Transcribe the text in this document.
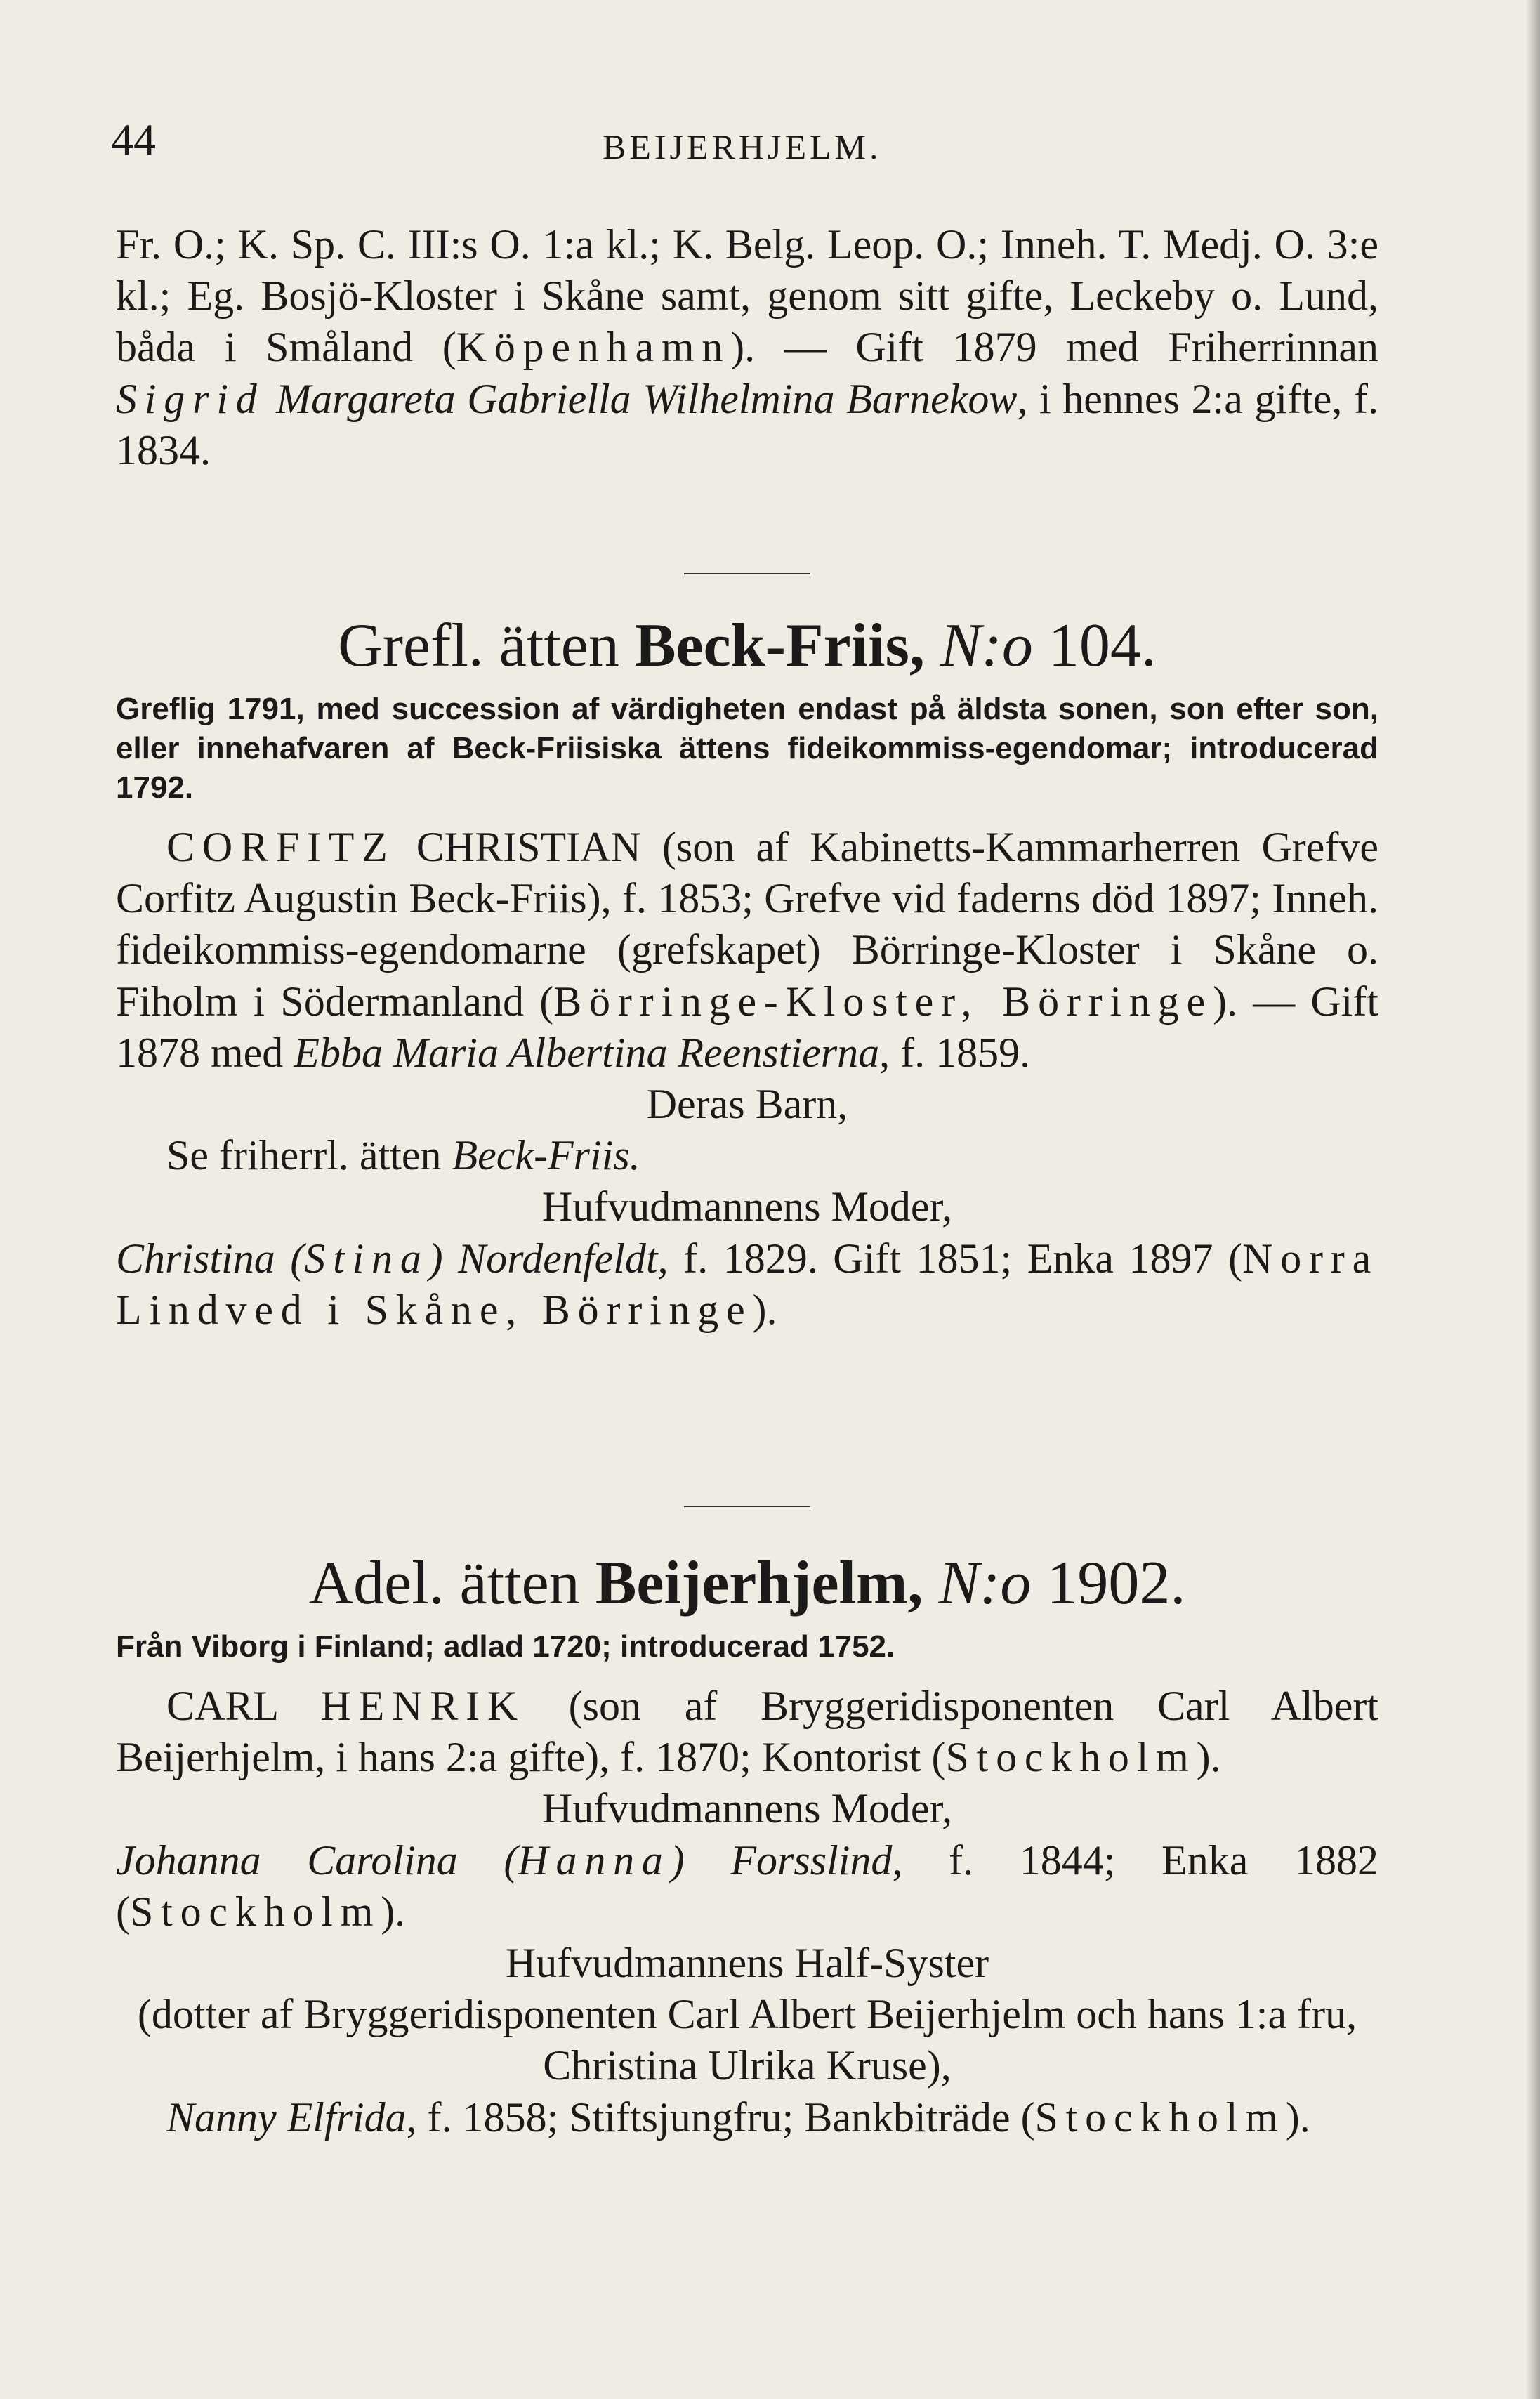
44	BEIJERHJELM.

Fr. O.; K. Sp. C. III:s O. 1:a kl.; K. Belg. Leop. O.; Inneh. T. Medj. O. 3:e kl.; Eg. Bosjö-Kloster i Skåne samt, genom sitt gifte, Leckeby o. Lund, båda i Småland (Köpenhamn). — Gift 1879 med Friherrinnan Sigrid Margareta Gabriella Wilhelmina Barnekow, i hennes 2:a gifte, f. 1834.

Grefl. ätten Beck-Friis, N:o 104.

Greflig 1791, med succession af värdigheten endast på äldsta sonen, son efter son, eller innehafvaren af Beck-Friisiska ättens fideikommiss-egendomar; introducerad 1792.

CORFITZ CHRISTIAN (son af Kabinetts-Kammarherren Grefve Corfitz Augustin Beck-Friis), f. 1853; Grefve vid faderns död 1897; Inneh. fideikommiss-egendomarne (grefskapet) Börringe-Kloster i Skåne o. Fiholm i Södermanland (Börringe-Kloster, Börringe). — Gift 1878 med Ebba Maria Albertina Reenstierna, f. 1859.

Deras Barn,

Se friherrl. ätten Beck-Friis.

Hufvudmannens Moder,

Christina (Stina) Nordenfeldt, f. 1829. Gift 1851; Enka 1897 (Norra Lindved i Skåne, Börringe).

Adel. ätten Beijerhjelm, N:o 1902.

Från Viborg i Finland; adlad 1720; introducerad 1752.

CARL HENRIK (son af Bryggeridisponenten Carl Albert Beijerhjelm, i hans 2:a gifte), f. 1870; Kontorist (Stockholm).

Hufvudmannens Moder,

Johanna Carolina (Hanna) Forsslind, f. 1844; Enka 1882 (Stockholm).

Hufvudmannens Half-Syster

(dotter af Bryggeridisponenten Carl Albert Beijerhjelm och hans 1:a fru, Christina Ulrika Kruse),

Nanny Elfrida, f. 1858; Stiftsjungfru; Bankbiträde (Stockholm).
